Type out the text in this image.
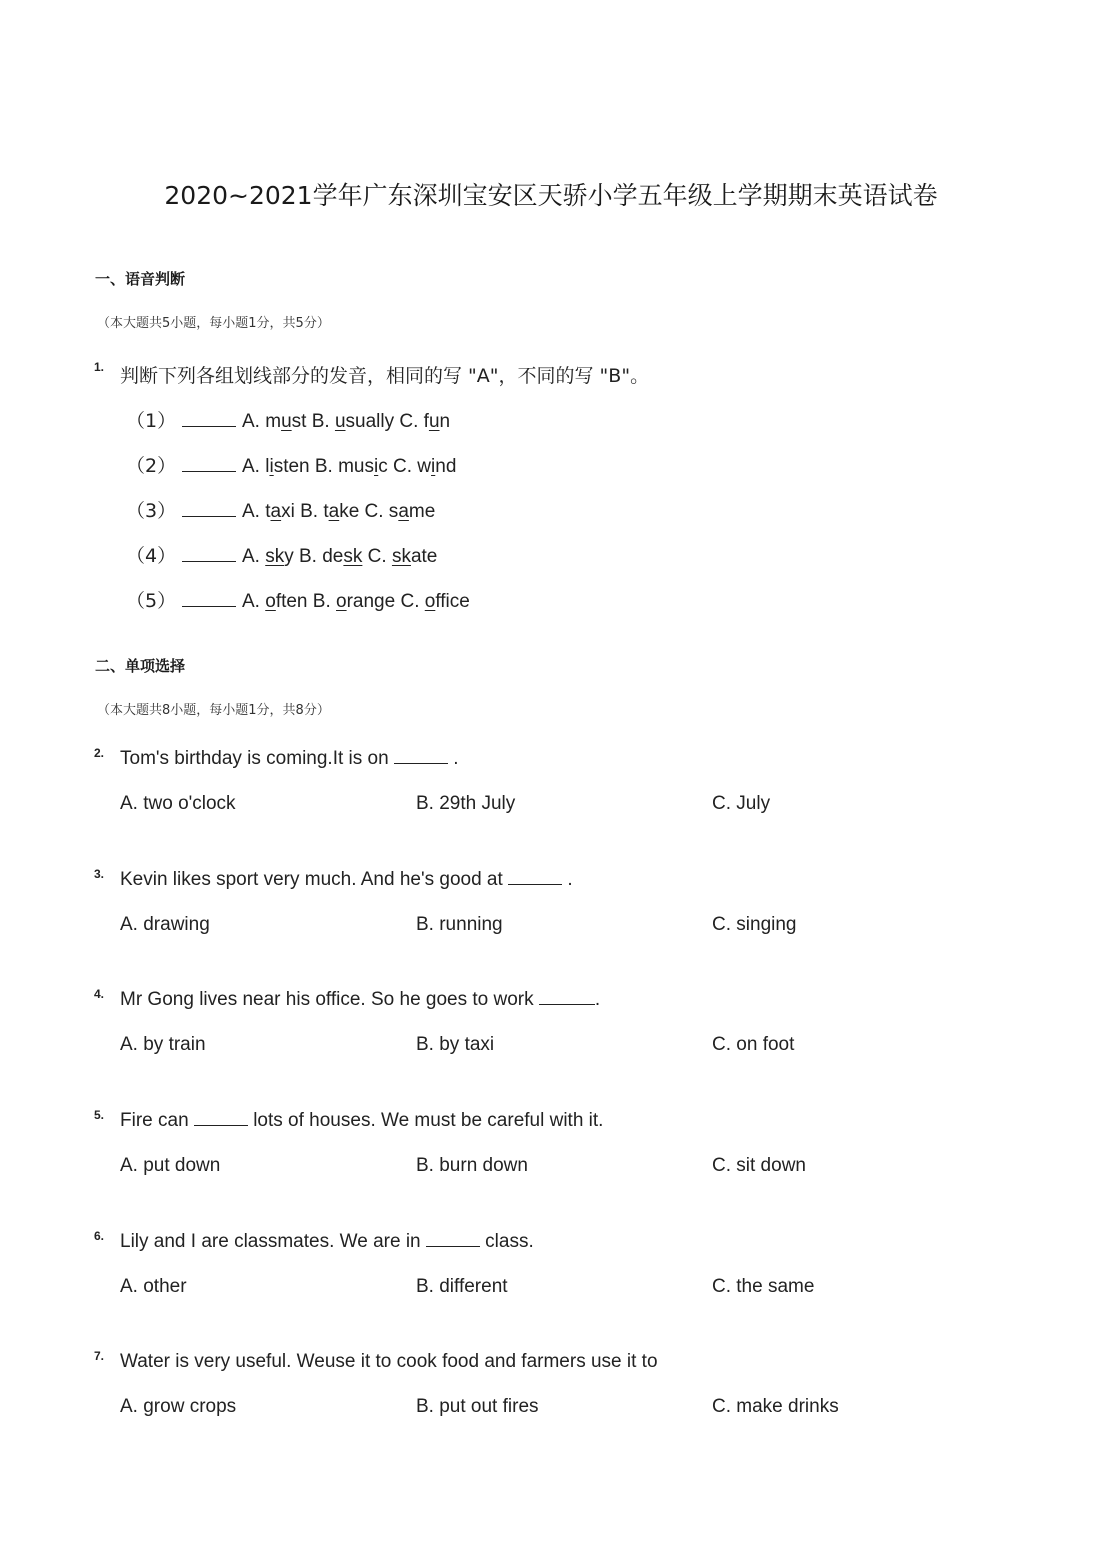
2020~2021学年广东深圳宝安区天骄小学五年级上学期期末英语试卷
一、语音判断
（本大题共5小题，每小题1分，共5分）
1. 判断下列各组划线部分的发音，相同的写 "A"，不同的写 "B"。
（1）	A. must B. usually C. fun
（2）	A. listen B. music C. wind
（3）	A. taxi B. take C. same
（4）	A. sky B. desk C. skate
（5）	A. often B. orange C. office
二、单项选择
（本大题共8小题，每小题1分，共8分）
2. Tom's birthday is coming.It is on	.
A. two o'clock	B. 29th July	C. July
3. Kevin likes sport very much. And he's good at	.
A. drawing	B. running	C. singing
4. Mr Gong lives near his office. So he goes to work	.
A. by train	B. by taxi	C. on foot
5. Fire can	lots of houses. We must be careful with it.
A. put down	B. burn down	C. sit down
6. Lily and I are classmates. We are in	class.
A. other	B. different	C. the same
7. Water is very useful. Weuse it to cook food and farmers use it to
A. grow crops	B. put out fires	C. make drinks
